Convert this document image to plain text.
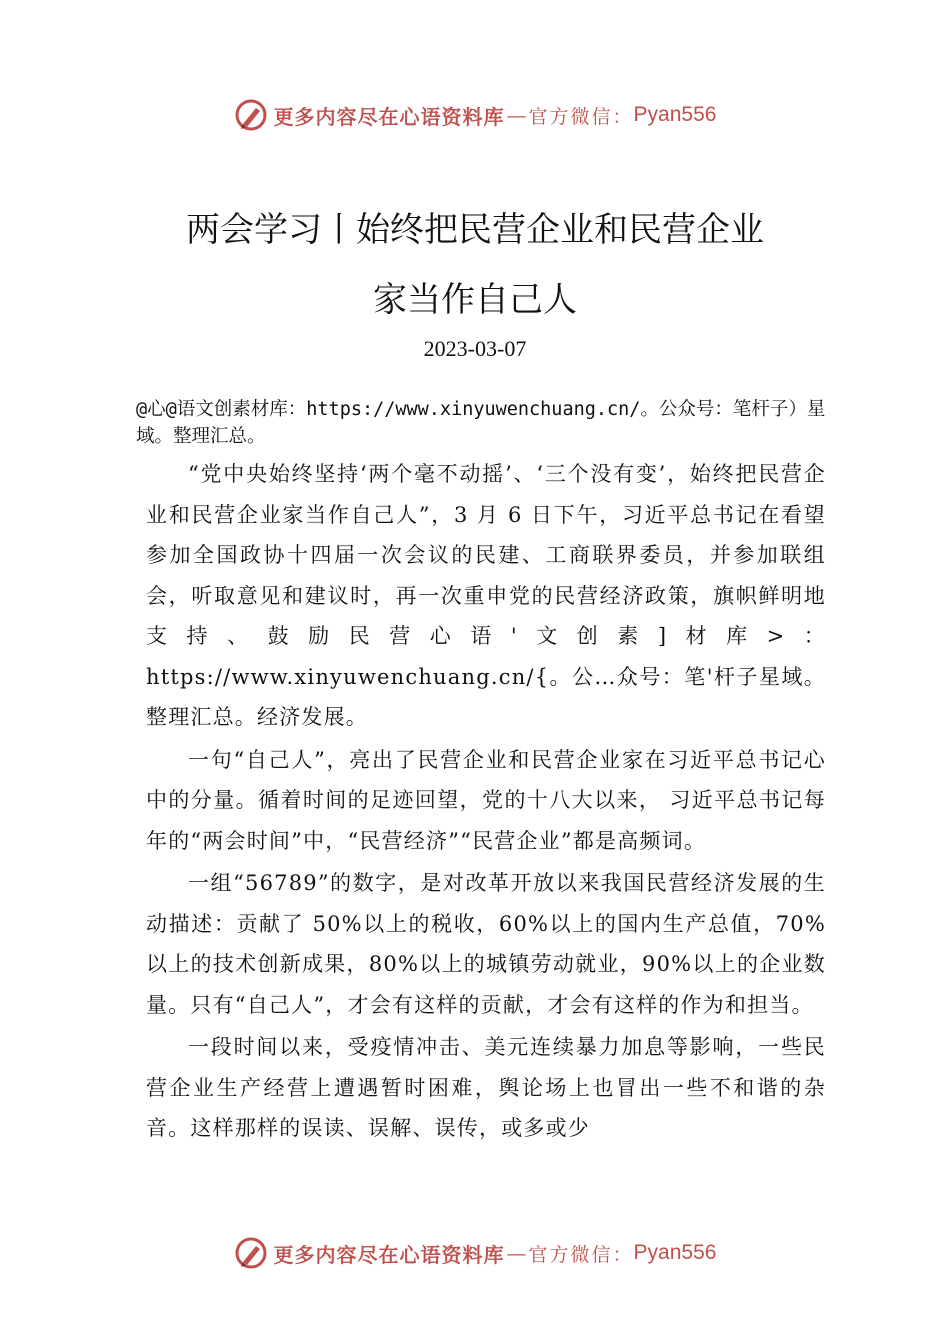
更多内容尽在心语资料库 — 官方微信： Pyan556
两会学习丨始终把民营企业和民营企业
家当作自己人
2023-03-07
@心@语文创素材库：https://www.xinyuwenchuang.cn/。公众号：笔杆子）星域。整理汇总。

“党中央始终坚持‘两个毫不动摇’、‘三个没有变’，始终把民营企业和民营企业家当作自己人”，3 月 6 日下午，习近平总书记在看望参加全国政协十四届一次会议的民建、工商联界委员，并参加联组会，听取意见和建议时，再一次重申党的民营经济政策，旗帜鲜明地支持、鼓励民营心语'文创素]材库>：https://www.xinyuwenchuang.cn/{。公…众号：笔'杆子星域。整理汇总。经济发展。

一句“自己人”，亮出了民营企业和民营企业家在习近平总书记心中的分量。循着时间的足迹回望，党的十八大以来， 习近平总书记每年的“两会时间”中，“民营经济”“民营企业”都是高频词。

一组“56789”的数字，是对改革开放以来我国民营经济发展的生动描述：贡献了 50%以上的税收，60%以上的国内生产总值，70%以上的技术创新成果，80%以上的城镇劳动就业，90%以上的企业数量。只有“自己人”，才会有这样的贡献，才会有这样的作为和担当。

一段时间以来，受疫情冲击、美元连续暴力加息等影响，一些民营企业生产经营上遭遇暂时困难，舆论场上也冒出一些不和谐的杂音。这样那样的误读、误解、误传，或多或少

更多内容尽在心语资料库 — 官方微信： Pyan556
